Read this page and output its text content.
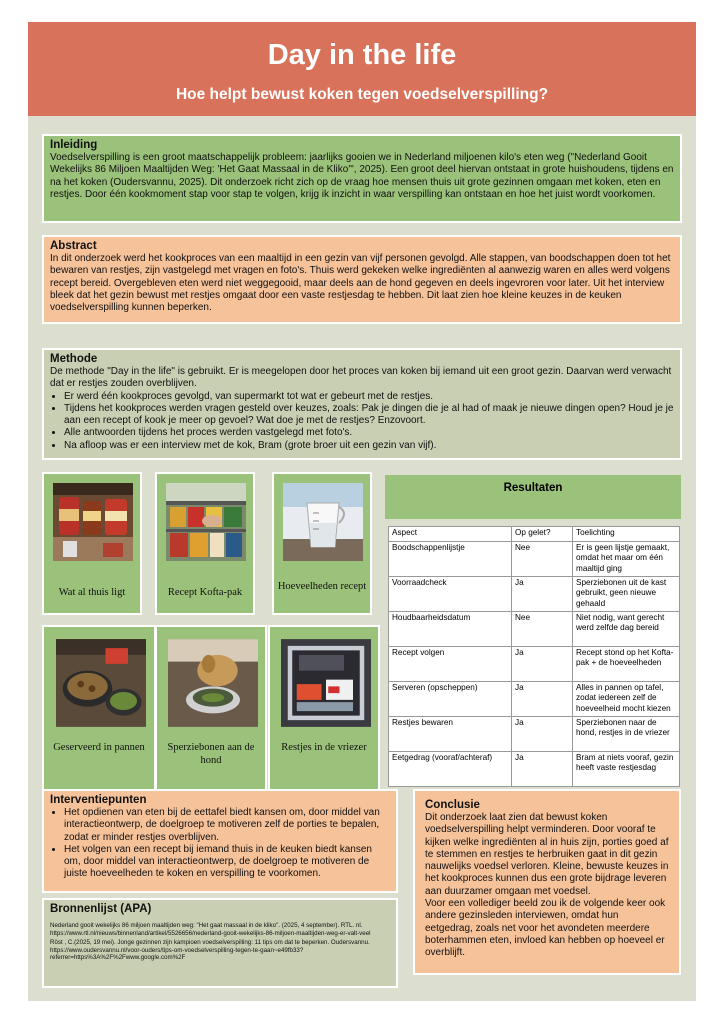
Day in the life
Hoe helpt bewust koken tegen voedselverspilling?
Inleiding

Voedselverspilling is een groot maatschappelijk probleem: jaarlijks gooien we in Nederland miljoenen kilo's eten weg ("Nederland Gooit Wekelijks 86 Miljoen Maaltijden Weg: 'Het Gaat Massaal in de Kliko'", 2025). Een groot deel hiervan ontstaat in grote huishoudens, tijdens en na het koken (Oudersvannu, 2025). Dit onderzoek richt zich op de vraag hoe mensen thuis uit grote gezinnen omgaan met koken, eten en restjes. Door één kookmoment stap voor stap te volgen, krijg ik inzicht in waar verspilling kan ontstaan en hoe het juist wordt voorkomen.

Abstract

In dit onderzoek werd het kookproces van een maaltijd in een gezin van vijf personen gevolgd. Alle stappen, van boodschappen doen tot het bewaren van restjes, zijn vastgelegd met vragen en foto's. Thuis werd gekeken welke ingrediënten al aanwezig waren en alles werd volgens recept bereid. Overgebleven eten werd niet weggegooid, maar deels aan de hond gegeven en deels ingevroren voor later. Uit het interview bleek dat het gezin bewust met restjes omgaat door een vaste restjesdag te hebben. Dit laat zien hoe kleine keuzes in de keuken voedselverspilling kunnen beperken.

Methode

De methode "Day in the life" is gebruikt. Er is meegelopen door het proces van koken bij iemand uit een groot gezin. Daarvan werd verwacht dat er restjes zouden overblijven.

• Er werd één kookproces gevolgd, van supermarkt tot wat er gebeurt met de restjes.
• Tijdens het kookproces werden vragen gesteld over keuzes, zoals: Pak je dingen die je al had of maak je nieuwe dingen open? Houd je je aan een recept of kook je meer op gevoel? Wat doe je met de restjes? Enzovoort.
• Alle antwoorden tijdens het proces werden vastgelegd met foto's.
• Na afloop was er een interview met de kok, Bram (grote broer uit een gezin van vijf).
Wat al thuis ligt	Recept Kofta-pak
Hoeveelheden recept
Geserveerd in pannen	Sperziebonen aan de hond
Restjes in de vriezer
Resultaten
Aspect	Op gelet?	Toelichting
Boodschappenlijstje	Nee	Er is geen lijstje gemaakt, omdat het maar om één maaltijd ging
Voorraadcheck	Ja	Sperziebonen uit de kast gebruikt, geen nieuwe gehaald
Houdbaarheidsdatum	Nee	Niet nodig, want gerecht werd zelfde dag bereid
Recept volgen	Ja	Recept stond op het Kofta-pak + de hoeveelheden
Serveren (opscheppen)	Ja	Alles in pannen op tafel, zodat iedereen zelf de hoeveelheid mocht kiezen
Restjes bewaren	Ja	Sperziebonen naar de hond, restjes in de vriezer
Eetgedrag (vooraf/achteraf)	Ja	Bram at niets vooraf, gezin heeft vaste restjesdag
Interventiepunten
• Het opdienen van eten bij de eettafel biedt kansen om, door middel van interactieontwerp, de doelgroep te motiveren zelf de porties te bepalen, zodat er minder restjes overblijven.
• Het volgen van een recept bij iemand thuis in de keuken biedt kansen om, door middel van interactieontwerp, de doelgroep te motiveren de juiste hoeveelheden te koken en verspilling te voorkomen.
Bronnenlijst (APA)
Nederland gooit wekelijks 86 miljoen maaltijden weg: "Het gaat massaal in de kliko". (2025, 4 september). RTL. nl. https://www.rtl.nl/nieuws/binnenland/artikel/5526656/nederland-gooit-wekelijks-86-miljoen-maaltijden-weg-er-valt-veel
Röst , C.(2025, 19 mei). Jonge gezinnen zijn kampioen voedselverspilling: 11 tips om dat te beperken. Oudersvannu. https://www.oudersvannu.nl/voor-ouders/tips-om-voedselverspilling-tegen-te-gaan~e49fb33?referrer=https%3A%2F%2Fwww.google.com%2F
Conclusie

Dit onderzoek laat zien dat bewust koken voedselverspilling helpt verminderen. Door vooraf te kijken welke ingrediënten al in huis zijn, porties goed af te stemmen en restjes te herbruiken gaat in dit gezin nauwelijks voedsel verloren. Kleine, bewuste keuzes in het kookproces kunnen dus een grote bijdrage leveren aan duurzamer omgaan met voedsel.

Voor een vollediger beeld zou ik de volgende keer ook andere gezinsleden interviewen, omdat hun eetgedrag, zoals net voor het avondeten meerdere boterhammen eten, invloed kan hebben op hoeveel er overblijft.
